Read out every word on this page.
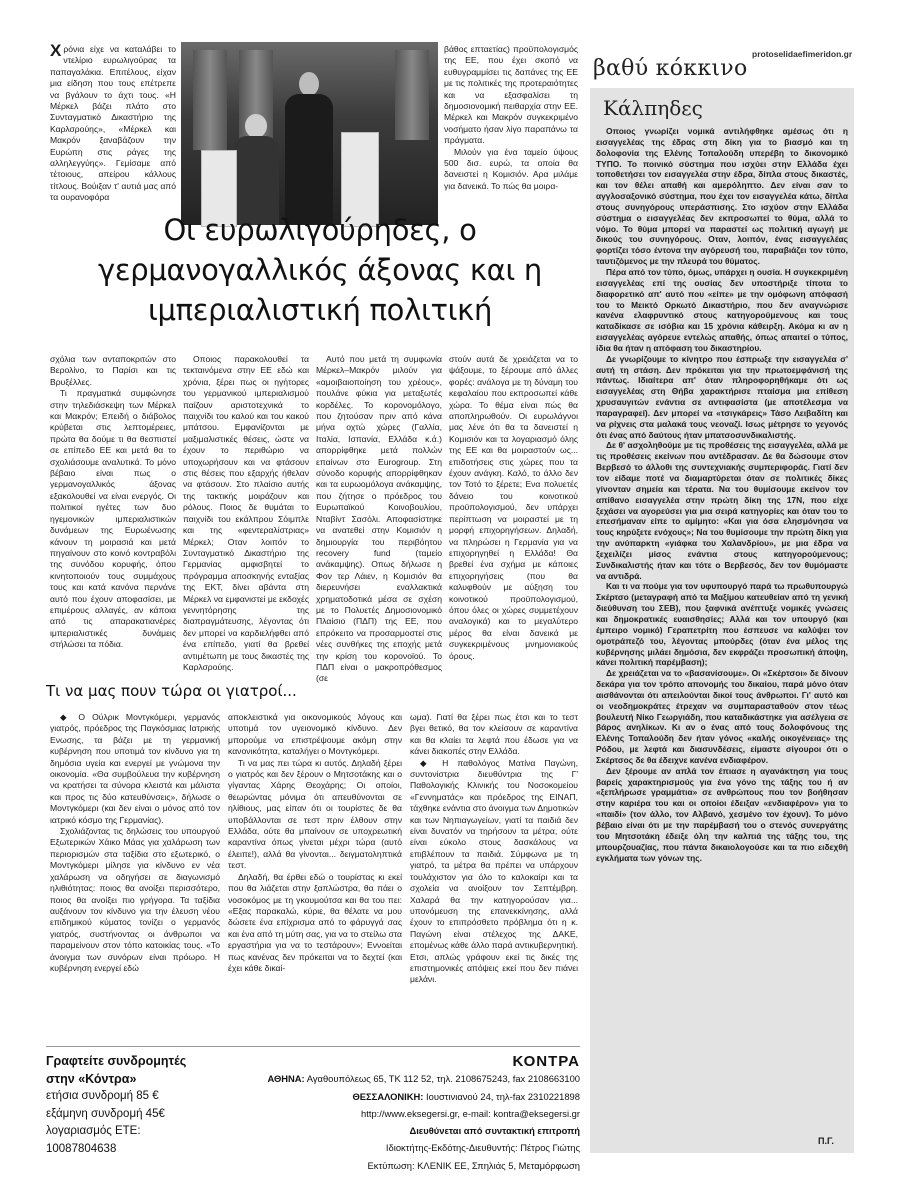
Χρόνια είχε να καταλάβει το ντελίριο ευρωλιγούρας τα παπαγαλάκια. Επιτέλους, είχαν μια είδηση που τους επέτρεπε να βγάλουν το άχτι τους. «Η Μέρκελ βάζει πλάτο στο Συνταγματικό Δικαστήριο της Καρλσρούης», «Μέρκελ και Μακρόν ξαναβάζουν την Ευρώπη στις ράγες της αλληλεγγύης». Γεμίσαμε από τέτοιους, απείρου κάλλους τίτλους. Βούιξαν τ' αυτιά μας από τα ουρανοφόρα

βάθος επταετίας) προϋπολογισμός της ΕΕ, που έχει σκοπό να ευθυγραμμίσει τις δαπάνες της ΕΕ με τις πολιτικές της προτεραιότητες και να εξασφαλίσει τη δημοσιονομική πειθαρχία στην ΕΕ. Μέρκελ και Μακρόν συγκεκριμένο νοσήματο ήσαν λίγο παραπάνω τα πράγματα.

Μιλούν για ένα ταμείο ύψους 500 δισ. ευρώ, τα οποία θα δανειστεί η Κομισιόν. Αρα μιλάμε για δανεικά. Το πώς θα μοιρα-

Οι ευρωλιγούρηδες, ο γερμανογαλλικός άξονας και η ιμπεριαλιστική πολιτική

σχόλια των ανταποκριτών στο Βερολίνο, το Παρίσι και τις Βρυξέλλες.

Τι πραγματικά συμφώνησε στην τηλεδιάσκεψη των Μέρκελ και Μακρόν; Επειδή ο διάβολος κρύβεται στις λεπτομέρειες, πρώτα θα δούμε τι θα θεσπιστεί σε επίπεδο ΕΕ και μετά θα το σχολιάσουμε αναλυτικά. Το μόνο βέβαιο είναι πως ο γερμανογαλλικός άξονας εξακολουθεί να είναι ενεργός. Οι πολιτικοί ηγέτες των δυο ηγεμονικών ιμπεριαλιστικών δυνάμεων της Ευρωένωσης κάνουν τη μοιρασιά και μετά πηγαίνουν στο κοινό κοντραβόλι της συνόδου κορυφής, όπου κινητοποιούν τους συμμάχους τους και κατά κανόνα περνάνε αυτό που έχουν αποφασίσει, με επιμέρους αλλαγές, αν κάποια από τις απαρακατιανέρες ιμπεριαλιστικές δυνάμεις στήλώσει τα πόδια.

Οποιος παρακολουθεί τα τεκταινόμενα στην ΕΕ εδώ και χρόνια, ξέρει πως οι ηγήτορες του γερμανικού ιμπεριαλισμού παίζουν αριστοτεχνικά το παιχνίδι του καλού και του κακού μπάτσου. Εμφανίζονται με μαξιμαλιστικές θέσεις, ώστε να έχουν το περιθώριο να υποχωρήσουν και να φτάσουν στις θέσεις που εξαρχής ήθελαν να φτάσουν. Στο πλαίσιο αυτής της τακτικής μοιράζουν και ρόλους. Ποιος δε θυμάται το παιχνίδι του εκάλπρου Σόιμπλε και της «φεντεραλίστριας» Μέρκελ; Οταν λοιπόν το Συνταγματικό Δικαστήριο της Γερμανίας αμφισβητεί το πρόγραμμα αποσκηνής ενταξίας της ΕΚΤ, δίνει αβάντα στη Μέρκελ να εμφανιστεί με εκδοχές γεννητόρησης της διαπραγμάτευσης, λέγοντας ότι δεν μπορεί να καρδιελήφθει από ένα επίπεδο, γιατί θα βρεθεί αντιμέτωπη με τους δικαστές της Καρλσρούης.

Αυτό που μετά τη συμφωνία Μέρκελ–Μακρόν μιλούν για «αμοιβαιοποίηση του χρέους», πουλάνε φύκια για μεταξωτές κορδέλες. Το κορονομόλογο, που ζητούσαν πριν από κάνα μήνα οχτώ χώρες (Γαλλία, Ιταλία, Ισπανία, Ελλάδα κ.ά.) απορρίφθηκε μετά πολλών επαίνων στο Eurogroup. Στη σύνοδο κορυφής απορρίφθηκαν και τα ευρωομόλογα ανάκαμψης, που ζήτησε ο πρόεδρος του Ευρωπαϊκού Κοινοβουλίου, Νταβίντ Σασόλι. Αποφασίστηκε να ανατεθεί στην Κομισιόν η δημιουργία του περιβόητου recovery fund (ταμείο ανάκαμψης). Οπως δήλωσε η Φον τερ Λάιεν, η Κομισιόν θα διερευνήσει εναλλακτικά χρηματοδοτικά μέσα σε σχέση με το Πολυετές Δημοσιονομικό Πλαίσιο (ΠΔΠ) της ΕΕ, που επρόκειτο να προσαρμοστεί στις νέες συνθήκες της εποχής μετά την κρίση του κορονοϊού. Το ΠΔΠ είναι ο μακροπρόθεσμος (σε

στούν αυτά δε χρειάζεται να το ψάξουμε, το ξέρουμε από άλλες φορές: ανάλογα με τη δύναμη του κεφαλαίου που εκπροσωπεί κάθε χώρα. Το θέμα είναι πώς θα αποπληρωθούν. Οι ευρωλάγνοι μας λένε ότι θα τα δανειστεί η Κομισιόν και τα λογαριασμό όλης της ΕΕ και θα μοιραστούν ως... επιδοτήσεις στις χώρες που τα έχουν ανάγκη. Καλό, το άλλο δεν τον Τοτό το ξέρετε; Ενα πολυετές δάνειο του κοινοτικού προϋπολογισμού, δεν υπάρχει περίπτωση να μοιραστεί με τη μορφή επιχορηγήσεων. Δηλαδή, να πληρώσει η Γερμανία για να επιχορηγηθεί η Ελλάδα! Θα βρεθεί ένα σχήμα με κάποιες επιχορηγήσεις (που θα καλυφθούν με αύξηση του κοινοτικού προϋπολογισμού, όπου όλες οι χώρες συμμετέχουν αναλογικά) και το μεγαλύτερο μέρος θα είναι δανεικά με συγκεκριμένους μνημονιακούς όρους.

Τι να μας πουν τώρα οι γιατροί...

◆ Ο Ούλρικ Μοντγκόμερι, γερμανός γιατρός, πρόεδρος της Παγκόσμιας Ιατρικής Ενωσης, τα βάζει με τη γερμανική κυβέρνηση που υποτιμά τον κίνδυνο για τη δημόσια υγεία και ενεργεί με γνώμονα την οικονομία. «Θα συμβούλευα την κυβέρνηση να κρατήσει τα σύνορα κλειστά και μάλιστα και προς τις δύο κατευθύνσεις», δήλωσε ο Μοντγκόμερι (και δεν είναι ο μόνος από τον ιατρικό κόσμο της Γερμανίας).

Σχολιάζοντας τις δηλώσεις του υπουργού Εξωτερικών Χάικο Μάας για χαλάρωση των περιορισμών στα ταξίδια στο εξωτερικό, ο Μοντγκόμερι μίλησε για κίνδυνο εν νέα χαλάρωση να οδηγήσει σε διαγωνισμό ηλιθιότητας: ποιος θα ανοίξει περισσότερο, ποιος θα ανοίξει πιο γρήγορα. Τα ταξίδια αυξάνουν τον κίνδυνο για την έλευση νέου επιδημικού κύματος τονίζει ο γερμανός γιατρός, συστήνοντας οι άνθρωποι να παραμείνουν στον τόπο κατοικίας τους. «Το άνοιγμα των συνόρων είναι πρόωρο. Η κυβέρνηση ενεργεί εδώ

αποκλειστικά για οικονομικούς λόγους και υποτιμά τον υγειονομικό κίνδυνο. Δεν μπορούμε να επιστρέψουμε ακόμη στην κανονικότητα, καταλήγει ο Μοντγκόμερι.

Τι να μας πει τώρα κι αυτός. Δηλαδή ξέρει ο γιατρός και δεν ξέρουν ο Μητσοτάκης και ο γίγαντας Χάρης Θεοχάρης; Οι οποίοι, θεωρώντας μόνιμα ότι απευθύνονται σε ηλίθιους, μας είπαν ότι οι τουρίστες δε θα υποβάλλονται σε τεστ πριν έλθουν στην Ελλάδα, ούτε θα μπαίνουν σε υποχρεωτική καραντίνα όπως γίνεται μέχρι τώρα (αυτό έλειπε!), αλλά θα γίνονται... δειγματοληπτικά τεστ.

Δηλαδή, θα έρθει εδώ ο τουρίστας κι εκεί που θα λιάζεται στην ξαπλώστρα, θα πάει ο νοσοκόμος με τη γκουμούτσα και θα του πει: «Εξας παρακαλώ, κύριε, θα θέλατε να μου δώσετε ένα επίχρισμα από το φάρυγγά σας και ένα από τη μύτη σας, για να το στείλω στα εργαστήρια για να το τεστάρουν»; Εννοείται πως κανένας δεν πρόκειται να το δεχτεί (και έχει κάθε δικαί-

ωμα). Γιατί θα ξέρει πως έτσι και το τεστ βγει θετικό, θα τον κλείσουν σε καραντίνα και θα κλαίει τα λεφτά που έδωσε για να κάνει διακοπές στην Ελλάδα.

◆ Η παθολόγος Ματίνα Παγώνη, συντονίστρια διευθύντρια της Γ' Παθολογικής Κλινικής του Νοσοκομείου «Γεννηματάς» και πρόεδρος της ΕΙΝΑΠ, τάχθηκε ενάντια στο άνοιγμα των Δημοτικών και των Νηπιαγωγείων, γιατί τα παιδιά δεν είναι δυνατόν να τηρήσουν τα μέτρα, ούτε είναι εύκολο στους δασκάλους να επιβλέπουν τα παιδιά. Σύμφωνα με τη γιατρό, τα μέτρα θα πρέπει να υπάρχουν τουλάχιστον για όλο το καλοκαίρι και τα σχολεία να ανοίξουν τον Σεπτέμβρη. Χαλαρά θα την κατηγορούσαν για... υπονόμευση της επανεκκίνησης, αλλά έχουν το επιπρόσθετο πρόβλημα ότι η κ. Παγώνη είναι στέλεχος της ΔΑΚΕ, επομένως κάθε άλλο παρά αντικυβερνητική. Ετσι, απλώς γράφουν εκεί τις δικές της επιστημονικές απόψεις εκεί που δεν πιάνει μελάνι.

Γραφτείτε συνδρομητές
στην «Κόντρα»
ετήσια συνδρομή 85 €
εξάμηνη συνδρομή 45€
λογαριασμός ΕΤΕ:
10087804638
ΚΟΝΤΡΑ
ΑΘΗΝΑ: Αγαθουπόλεως 65, ΤΚ 112 52, τηλ. 2108675243, fax 2108663100
ΘΕΣΣΑΛΟΝΙΚΗ: Ιουστινιανού 24, τηλ-fax 2310221898
http://www.eksegersi.gr, e-mail: kontra@eksegersi.gr
Διευθύνεται από συντακτική επιτροπή
Ιδιοκτήτης-Εκδότης-Διευθυντής: Πέτρος Γιώτης
Εκτύπωση: ΚΛΕΝΙΚ ΕΕ, Σπηλιάς 5, Μεταμόρφωση
protoselidaefimeridon.gr
βαθύ κόκκινο
Κάλπηδες

Οποιος γνωρίζει νομικά αντιλήφθηκε αμέσως ότι η εισαγγελέας της έδρας στη δίκη για το βιασμό και τη δολοφονία της Ελένης Τοπαλούδη υπερέβη το δικονομικό ΤΥΠΟ. Το ποινικό σύστημα που ισχύει στην Ελλάδα έχει τοποθετήσει τον εισαγγελέα στην έδρα, δίπλα στους δικαστές, και τον θέλει απαθή και αμερόληπτο. Δεν είναι σαν το αγγλοσαξονικό σύστημα, που έχει τον εισαγγελέα κάτω, δίπλα στους συνηγόρους υπεράσπισης. Στο ισχύον στην Ελλάδα σύστημα ο εισαγγελέας δεν εκπροσωπεί το θύμα, αλλά το νόμο. Το θύμα μπορεί να παραστεί ως πολιτική αγωγή με δικούς του συνηγόρους. Οταν, λοιπόν, ένας εισαγγελέας φορτίζει τόσο έντονα την αγόρευσή του, παραβιάζει τον τύπο, ταυτιζόμενος με την πλευρά του θύματος.

Πέρα από τον τύπο, όμως, υπάρχει η ουσία. Η συγκεκριμένη εισαγγελέας επί της ουσίας δεν υποστήριξε τίποτα το διαφορετικό απ' αυτό που «είπε» με την ομόφωνη απόφασή του το Μεικτό Ορκωτό Δικαστήριο, που δεν αναγνώρισε κανένα ελαφρυντικό στους κατηγορούμενους και τους καταδίκασε σε ισόβια και 15 χρόνια κάθειρξη. Ακόμα κι αν η εισαγγελέας αγόρευε εντελώς απαθής, όπως απαιτεί ο τύπος, ίδια θα ήταν η απόφαση του δικαστηρίου.

Δε γνωρίζουμε το κίνητρο που έσπρωξε την εισαγγελέα σ' αυτή τη στάση. Δεν πρόκειται για την πρωτοεμφάνισή της πάντως. Ιδιαίτερα απ' όταν πληροφορηθήκαμε ότι ως εισαγγελέας στη Θήβα χαρακτήρισε πταίσμα μια επίθεση χρυσαυγιτών ενάντια σε αντιφασίστα (με αποτέλεσμα να παραγραφεί). Δεν μπορεί να «τσιγκάρεις» Τάσο Λειβαδίτη και να ρίχνεις στα μαλακά τους νεοναζί. Ισως μέτρησε το γεγονός ότι ένας από δαύτους ήταν μπατσοσυνδικαλιστής.

Δε θ' ασχοληθούμε με τις προθέσεις της εισαγγελέα, αλλά με τις προθέσεις εκείνων που αντέδρασαν. Δε θα δώσουμε στον Βερβεσό το άλλοθι της συντεχνιακής συμπεριφοράς. Γιατί δεν τον είδαμε ποτέ να διαμαρτύρεται όταν σε πολιτικές δίκες γίνονταν σημεία και τέρατα. Να του θυμίσουμε εκείνον τον απίθανο εισαγγελέα στην πρώτη δίκη της 17Ν, που είχε ξεχάσει να αγορεύσει για μια σειρά κατηγορίες και όταν του το επεσήμαναν είπε το αμίμητο: «Και για όσα ελησμόνησα να τους κηρύξετε ενόχους»; Να του θυμίσουμε την πρώτη δίκη για την ανύπαρκτη «γιάφκα του Χαλανδρίου», με μια έδρα να ξεχειλίζει μίσος ενάντια στους κατηγορούμενους; Συνδικαλιστής ήταν και τότε ο Βερβεσός, δεν τον θυμόμαστε να αντιδρά.

Και τι να πούμε για τον υφυπουργό παρά τω πρωθυπουργώ Σκέρτσο (μεταγραφή από τα Μαξίμου κατευθείαν από τη γενική διεύθυνση του ΣΕΒ), που ξαφνικά ανέπτυξε νομικές γνώσεις και δημοκρατικές ευαισθησίες; Αλλά και τον υπουργό (και έμπειρο νομικό) Γεραπετρίτη που έσπευσε να καλύψει τον ομοτράπεζό του, λέγοντας μπούρδες (όταν ένα μέλος της κυβέρνησης μιλάει δημόσια, δεν εκφράζει προσωπική άποψη, κάνει πολιτική παρέμβαση);

Δε χρειάζεται να το «βασανίσουμε». Οι «Σκέρτσοι» δε δίνουν δεκάρα για τον τρόπο απονομής του δικαίου, παρά μόνο όταν αισθάνονται ότι απειλούνται δικοί τους άνθρωποι. Γι' αυτό και οι νεοδημοκράτες έτρεχαν να συμπαρασταθούν στον τέως βουλευτή Νίκο Γεωργιάδη, που καταδικάστηκε για ασέλγεια σε βάρος ανηλίκων. Κι αν ο ένας από τους δολοφόνους της Ελένης Τοπαλούδη δεν ήταν γόνος «καλής οικογένειας» της Ρόδου, με λεφτά και διασυνδέσεις, είμαστε σίγουροι ότι ο Σκέρτσος δε θα έδειχνε κανένα ενδιαφέρον.

Δεν ξέρουμε αν απλά τον έπιασε η αγανάκτηση για τους βαρείς χαρακτηρισμούς για ένα γόνο της τάξης του ή αν «ξεπλήρωσε γραμμάτια» σε ανθρώπους που τον βοήθησαν στην καριέρα του και οι οποίοι έδειξαν «ενδιαφέρον» για το «παιδί» (τον άλλο, τον Αλβανό, χεσμένο τον έχουν). Το μόνο βέβαιο είναι ότι με την παρέμβασή του ο στενός συνεργάτης του Μητσοτάκη έδειξε όλη την καλπιά της τάξης του, της μπουρζουαζίας, που πάντα δικαιολογούσε και τα πιο ειδεχθή εγκλήματα των γόνων της.

Π.Γ.
